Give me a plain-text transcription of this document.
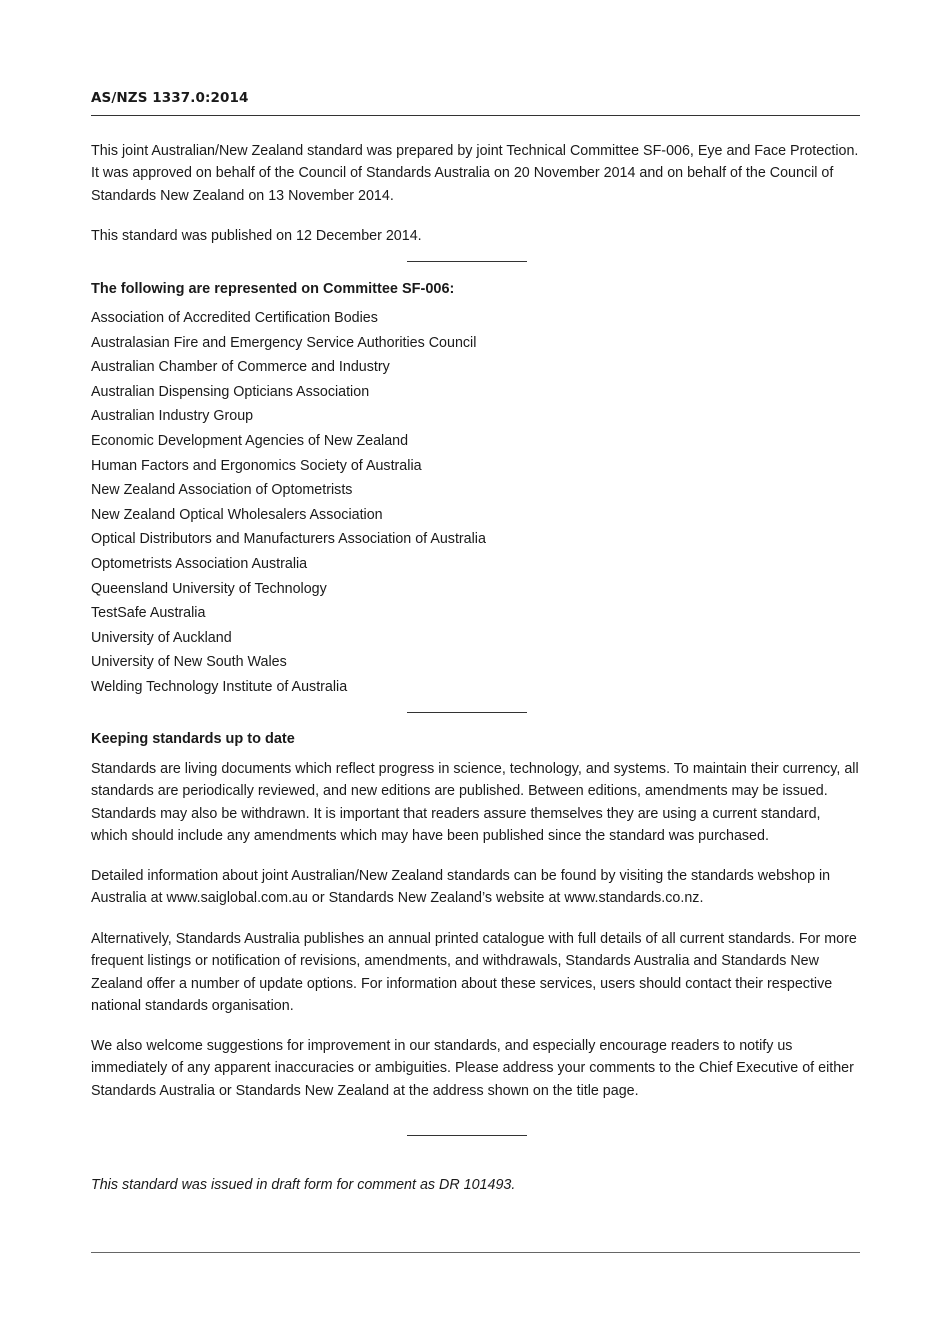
AS/NZS 1337.0:2014

This joint Australian/New Zealand standard was prepared by joint Technical Committee SF-006, Eye and Face Protection. It was approved on behalf of the Council of Standards Australia on 20 November 2014 and on behalf of the Council of Standards New Zealand on 13 November 2014.

This standard was published on 12 December 2014.

The following are represented on Committee SF-006:
Association of Accredited Certification Bodies
Australasian Fire and Emergency Service Authorities Council
Australian Chamber of Commerce and Industry
Australian Dispensing Opticians Association
Australian Industry Group
Economic Development Agencies of New Zealand
Human Factors and Ergonomics Society of Australia
New Zealand Association of Optometrists
New Zealand Optical Wholesalers Association
Optical Distributors and Manufacturers Association of Australia
Optometrists Association Australia
Queensland University of Technology
TestSafe Australia
University of Auckland
University of New South Wales
Welding Technology Institute of Australia
Keeping standards up to date

Standards are living documents which reflect progress in science, technology, and systems. To maintain their currency, all standards are periodically reviewed, and new editions are published. Between editions, amendments may be issued. Standards may also be withdrawn. It is important that readers assure themselves they are using a current standard, which should include any amendments which may have been published since the standard was purchased.

Detailed information about joint Australian/New Zealand standards can be found by visiting the standards webshop in Australia at www.saiglobal.com.au or Standards New Zealand’s website at www.standards.co.nz.

Alternatively, Standards Australia publishes an annual printed catalogue with full details of all current standards. For more frequent listings or notification of revisions, amendments, and withdrawals, Standards Australia and Standards New Zealand offer a number of update options. For information about these services, users should contact their respective national standards organisation.

We also welcome suggestions for improvement in our standards, and especially encourage readers to notify us immediately of any apparent inaccuracies or ambiguities. Please address your comments to the Chief Executive of either Standards Australia or Standards New Zealand at the address shown on the title page.

This standard was issued in draft form for comment as DR 101493.
